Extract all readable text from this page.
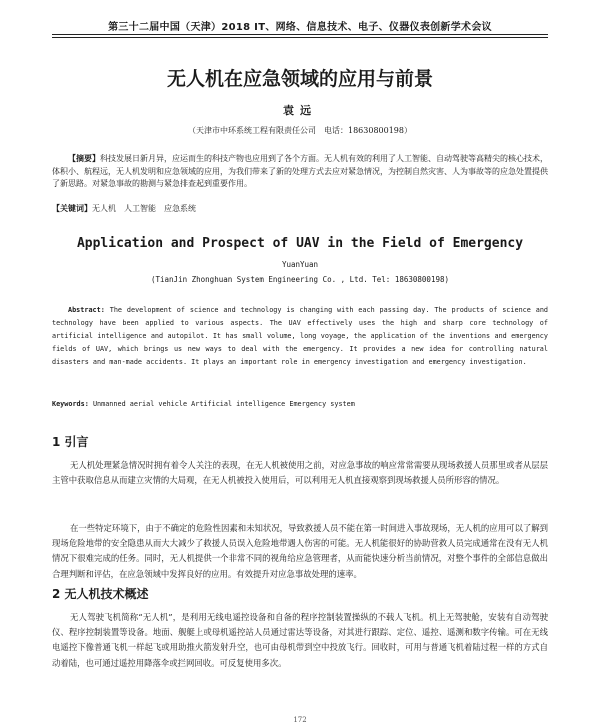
第三十二届中国（天津）2018 IT、网络、信息技术、电子、仪器仪表创新学术会议
无人机在应急领域的应用与前景
袁远
（天津市中环系统工程有限责任公司　电话：18630800198）
【摘要】科技发展日新月异，应运而生的科技产物也应用到了各个方面。无人机有效的利用了人工智能、自动驾驶等高精尖的核心技术，体积小、航程远，无人机发明和应急领域的应用，为我们带来了新的处理方式去应对紧急情况，为控制自然灾害、人为事故等的应急处置提供了新思路。对紧急事故的勘测与紧急排查起到重要作用。
【关键词】无人机　人工智能　应急系统
Application and Prospect of UAV in the Field of Emergency
YuanYuan
(TianJin Zhonghuan System Engineering Co. , Ltd. Tel: 18630800198)
Abstract: The development of science and technology is changing with each passing day. The products of science and technology have been applied to various aspects. The UAV effectively uses the high and sharp core technology of artificial intelligence and autopilot. It has small volume, long voyage, the application of the inventions and emergency fields of UAV, which brings us new ways to deal with the emergency. It provides a new idea for controlling natural disasters and man-made accidents. It plays an important role in emergency investigation and emergency investigation.
Keywords: Unmanned aerial vehicle Artificial intelligence Emergency system
1 引言
无人机处理紧急情况时拥有着令人关注的表现，在无人机被使用之前，对应急事故的响应常常需要从现场救援人员那里或者从层层主管中获取信息从而建立灾情的大局观，在无人机被投入使用后，可以利用无人机直接观察到现场救援人员所形容的情况。
在一些特定环境下，由于不确定的危险性因素和未知状况，导致救援人员不能在第一时间进入事故现场，无人机的应用可以了解到现场危险地带的安全隐患从而大大减少了救援人员误入危险地带遇人伤害的可能。无人机能很好的协助营救人员完成通常在没有无人机情况下很难完成的任务。同时，无人机提供一个非常不同的视角给应急管理者，从而能快速分析当前情况，对整个事件的全部信息做出合理判断和评估，在应急领域中发挥良好的应用。有效提升对应急事故处理的速率。
2 无人机技术概述
无人驾驶飞机简称“无人机”，是利用无线电遥控设备和自备的程序控制装置操纵的不载人飞机。机上无驾驶舱，安装有自动驾驶仪、程序控制装置等设备。地面、舰艇上或母机遥控站人员通过雷达等设备，对其进行跟踪、定位、遥控、遥测和数字传输。可在无线电遥控下像普通飞机一样起飞或用助推火箭发射升空，也可由母机带到空中投放飞行。回收时，可用与普通飞机着陆过程一样的方式自动着陆，也可通过遥控用降落伞或拦网回收。可反复使用多次。
172
